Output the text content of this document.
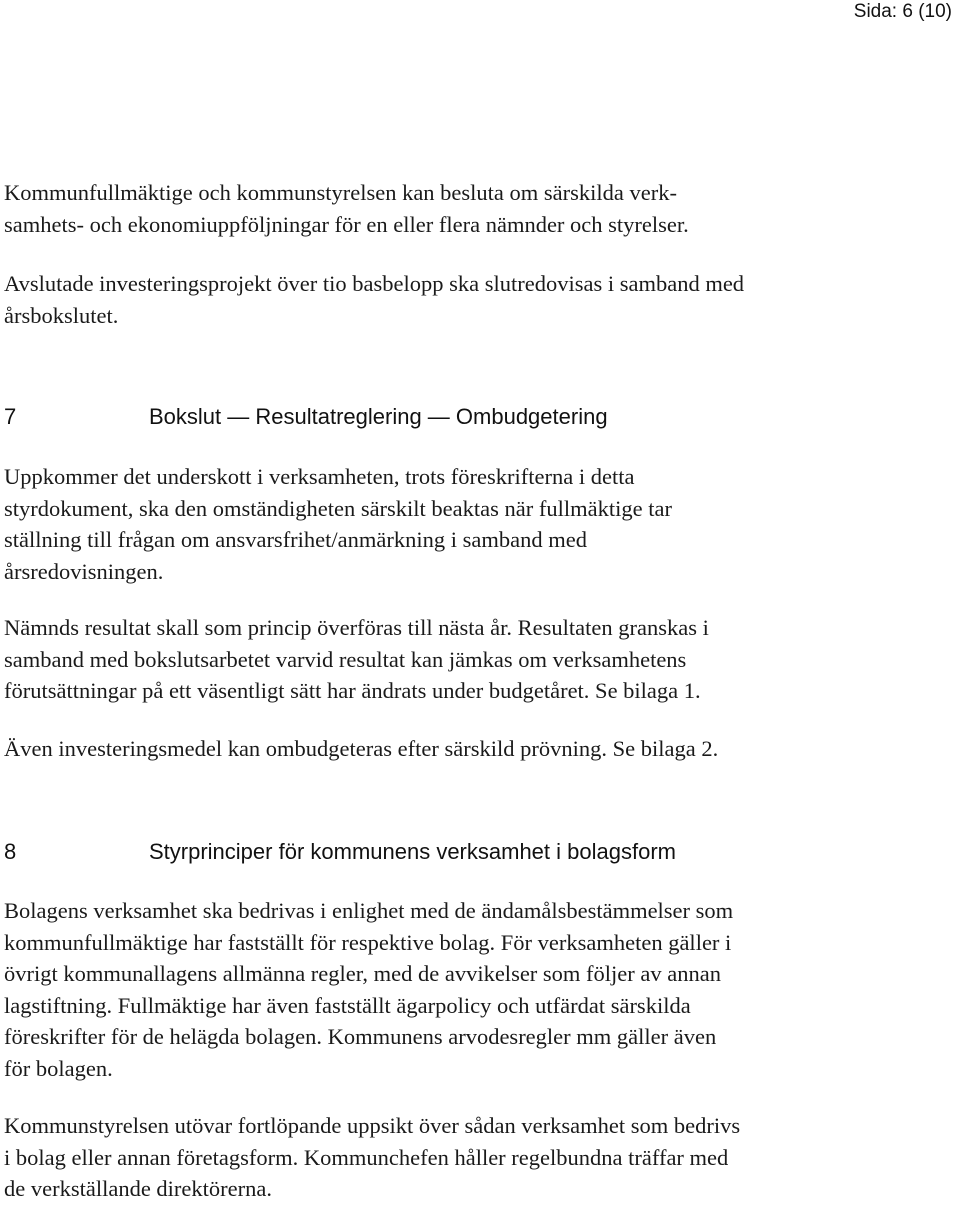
Sida: 6 (10)

Kommunfullmäktige och kommunstyrelsen kan besluta om särskilda verk-
samhets- och ekonomiuppföljningar för en eller flera nämnder och styrelser.

Avslutade investeringsprojekt över tio basbelopp ska slutredovisas i samband med
årsbokslutet.

7	Bokslut — Resultatreglering — Ombudgetering

Uppkommer det underskott i verksamheten, trots föreskrifterna i detta
styrdokument, ska den omständigheten särskilt beaktas när fullmäktige tar
ställning till frågan om ansvarsfrihet/anmärkning i samband med
årsredovisningen.

Nämnds resultat skall som princip överföras till nästa år. Resultaten granskas i
samband med bokslutsarbetet varvid resultat kan jämkas om verksamhetens
förutsättningar på ett väsentligt sätt har ändrats under budgetåret. Se bilaga 1.

Även investeringsmedel kan ombudgeteras efter särskild prövning. Se bilaga 2.

8	Styrprinciper för kommunens verksamhet i bolagsform

Bolagens verksamhet ska bedrivas i enlighet med de ändamålsbestämmelser som
kommunfullmäktige har fastställt för respektive bolag. För verksamheten gäller i
övrigt kommunallagens allmänna regler, med de avvikelser som följer av annan
lagstiftning. Fullmäktige har även fastställt ägarpolicy och utfärdat särskilda
föreskrifter för de helägda bolagen. Kommunens arvodesregler mm gäller även
för bolagen.

Kommunstyrelsen utövar fortlöpande uppsikt över sådan verksamhet som bedrivs
i bolag eller annan företagsform. Kommunchefen håller regelbundna träffar med
de verkställande direktörerna.
